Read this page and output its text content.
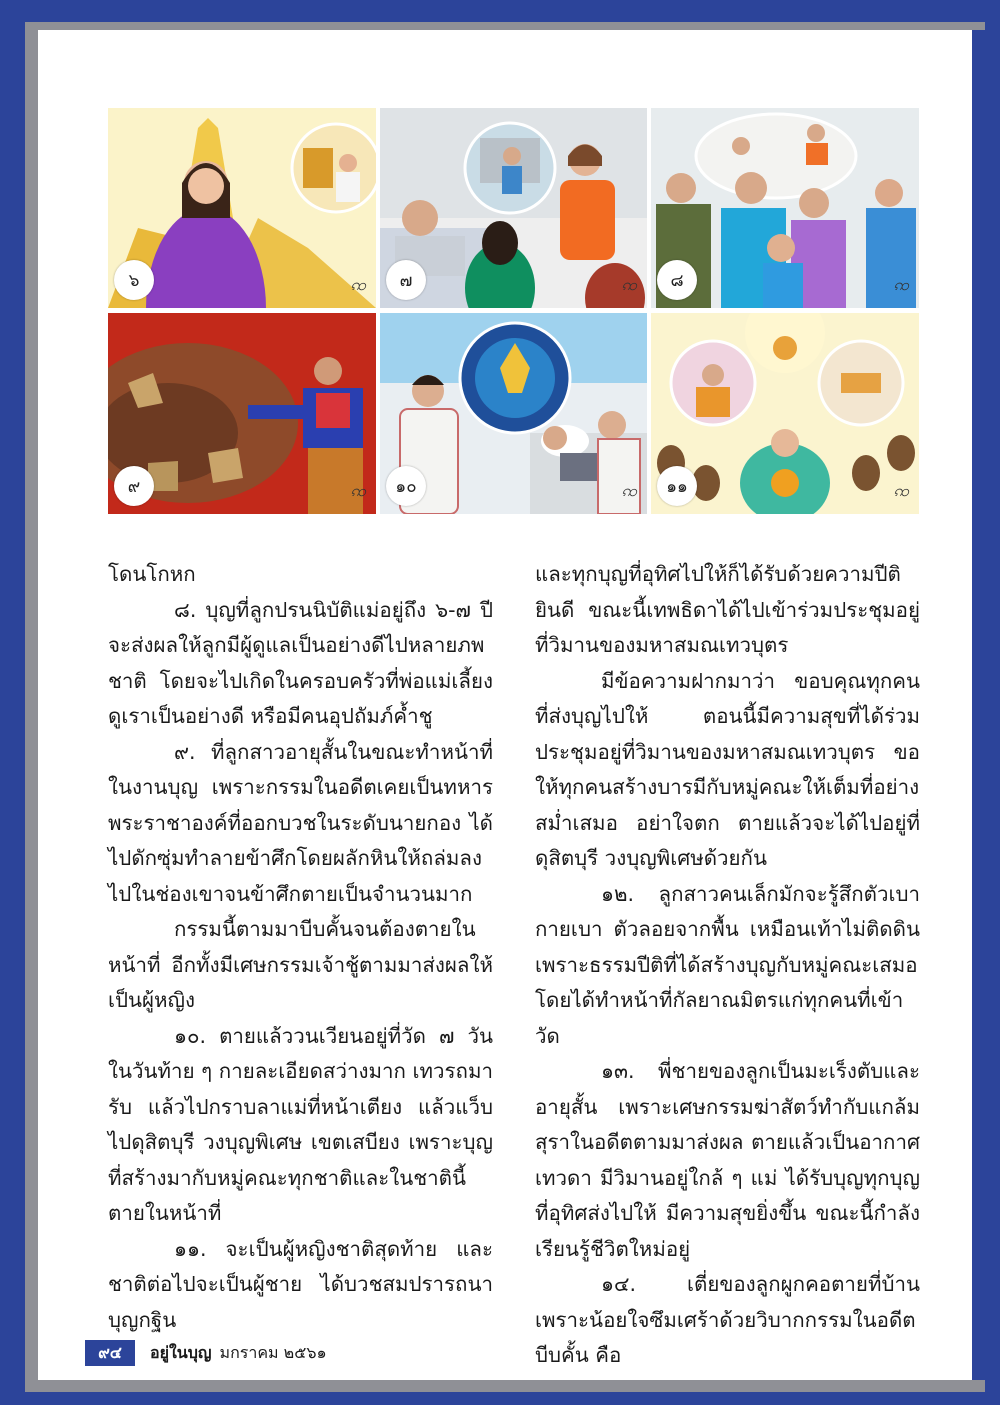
๖	ꩡ	๗	ꩡ	๘	ꩡ
๙	ꩡ	๑๐	ꩡ	๑๑	ꩡ

โดนโกหก

๘. บุญที่ลูกปรนนิบัติแม่อยู่ถึง ๖-๗ ปี จะส่งผลให้ลูกมีผู้ดูแลเป็นอย่างดีไปหลายภพชาติ โดยจะไปเกิดในครอบครัวที่พ่อแม่เลี้ยงดูเราเป็นอย่างดี หรือมีคนอุปถัมภ์ค้ำชู

๙. ที่ลูกสาวอายุสั้นในขณะทำหน้าที่ในงานบุญ เพราะกรรมในอดีตเคยเป็นทหารพระราชาองค์ที่ออกบวชในระดับนายกอง ได้ไปดักซุ่มทำลายข้าศึกโดยผลักหินให้ถล่มลงไปในช่องเขาจนข้าศึกตายเป็นจำนวนมาก

กรรมนี้ตามมาบีบคั้นจนต้องตายในหน้าที่ อีกทั้งมีเศษกรรมเจ้าชู้ตามมาส่งผลให้เป็นผู้หญิง

๑๐. ตายแล้ววนเวียนอยู่ที่วัด ๗ วัน ในวันท้าย ๆ กายละเอียดสว่างมาก เทวรถมารับ แล้วไปกราบลาแม่ที่หน้าเตียง แล้วแว็บไปดุสิตบุรี วงบุญพิเศษ เขตเสบียง เพราะบุญที่สร้างมากับหมู่คณะทุกชาติและในชาตินี้ตายในหน้าที่

๑๑. จะเป็นผู้หญิงชาติสุดท้าย และชาติต่อไปจะเป็นผู้ชาย ได้บวชสมปรารถนา บุญกฐิน

และทุกบุญที่อุทิศไปให้ก็ได้รับด้วยความปีติยินดี ขณะนี้เทพธิดาได้ไปเข้าร่วมประชุมอยู่ที่วิมานของมหาสมณเทวบุตร

มีข้อความฝากมาว่า ขอบคุณทุกคนที่ส่งบุญไปให้ ตอนนี้มีความสุขที่ได้ร่วมประชุมอยู่ที่วิมานของมหาสมณเทวบุตร ขอให้ทุกคนสร้างบารมีกับหมู่คณะให้เต็มที่อย่างสม่ำเสมอ อย่าใจตก ตายแล้วจะได้ไปอยู่ที่ดุสิตบุรี วงบุญพิเศษด้วยกัน

๑๒. ลูกสาวคนเล็กมักจะรู้สึกตัวเบากายเบา ตัวลอยจากพื้น เหมือนเท้าไม่ติดดิน เพราะธรรมปีติที่ได้สร้างบุญกับหมู่คณะเสมอ โดยได้ทำหน้าที่กัลยาณมิตรแก่ทุกคนที่เข้าวัด

๑๓. พี่ชายของลูกเป็นมะเร็งตับและอายุสั้น เพราะเศษกรรมฆ่าสัตว์ทำกับแกล้มสุราในอดีตตามมาส่งผล ตายแล้วเป็นอากาศเทวดา มีวิมานอยู่ใกล้ ๆ แม่ ได้รับบุญทุกบุญที่อุทิศส่งไปให้ มีความสุขยิ่งขึ้น ขณะนี้กำลังเรียนรู้ชีวิตใหม่อยู่

๑๔. เตี่ยของลูกผูกคอตายที่บ้าน เพราะน้อยใจซึมเศร้าด้วยวิบากกรรมในอดีตบีบคั้น คือ

๙๔	อยู่ในบุญ มกราคม ๒๕๖๑
